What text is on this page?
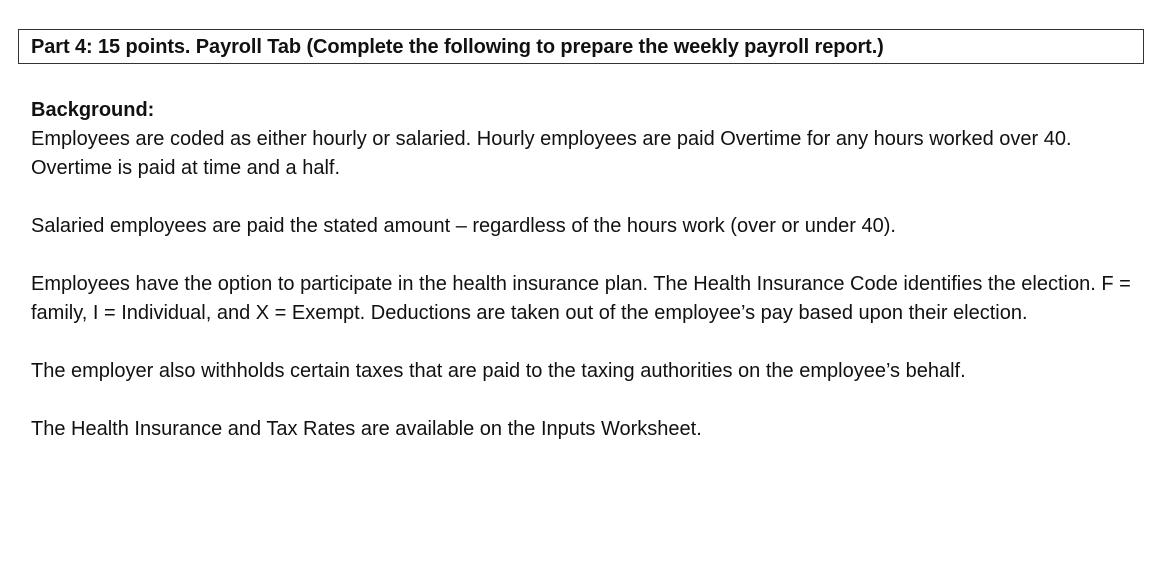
Part 4: 15 points. Payroll Tab (Complete the following to prepare the weekly payroll report.)

Background:

Employees are coded as either hourly or salaried. Hourly employees are paid Overtime for any hours worked over 40. Overtime is paid at time and a half.

Salaried employees are paid the stated amount – regardless of the hours work (over or under 40).

Employees have the option to participate in the health insurance plan. The Health Insurance Code identifies the election. F = family, I = Individual, and X = Exempt. Deductions are taken out of the employee’s pay based upon their election.

The employer also withholds certain taxes that are paid to the taxing authorities on the employee’s behalf.

The Health Insurance and Tax Rates are available on the Inputs Worksheet.
